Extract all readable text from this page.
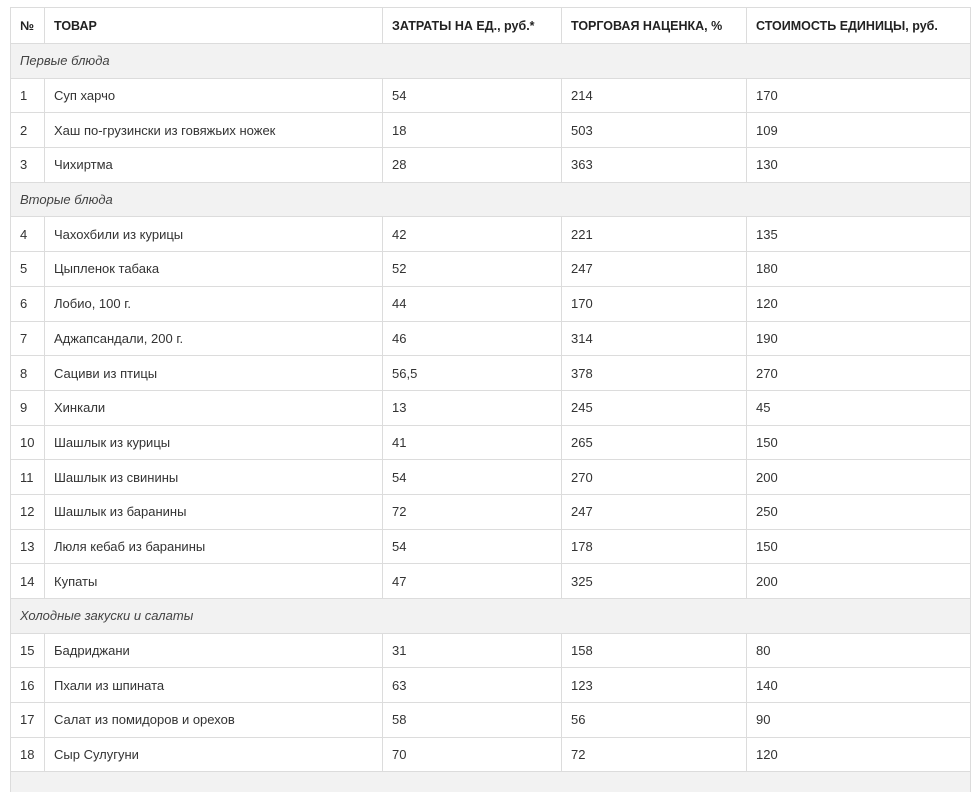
№	ТОВАР	ЗАТРАТЫ НА ЕД., руб.*	ТОРГОВАЯ НАЦЕНКА, %	СТОИМОСТЬ ЕДИНИЦЫ, руб.
Первые блюда				
1	Суп харчо	54	214	170
2	Хаш по-грузински из говяжьих ножек	18	503	109
3	Чихиртма	28	363	130
Вторые блюда				
4	Чахохбили из курицы	42	221	135
5	Цыпленок табака	52	247	180
6	Лобио, 100 г.	44	170	120
7	Аджапсандали, 200 г.	46	314	190
8	Сациви из птицы	56,5	378	270
9	Хинкали	13	245	45
10	Шашлык из курицы	41	265	150
11	Шашлык из свинины	54	270	200
12	Шашлык из баранины	72	247	250
13	Люля кебаб из баранины	54	178	150
14	Купаты	47	325	200
Холодные закуски и салаты				
15	Бадриджани	31	158	80
16	Пхали из шпината	63	123	140
17	Салат из помидоров и орехов	58	56	90
18	Сыр Сулугуни	70	72	120
